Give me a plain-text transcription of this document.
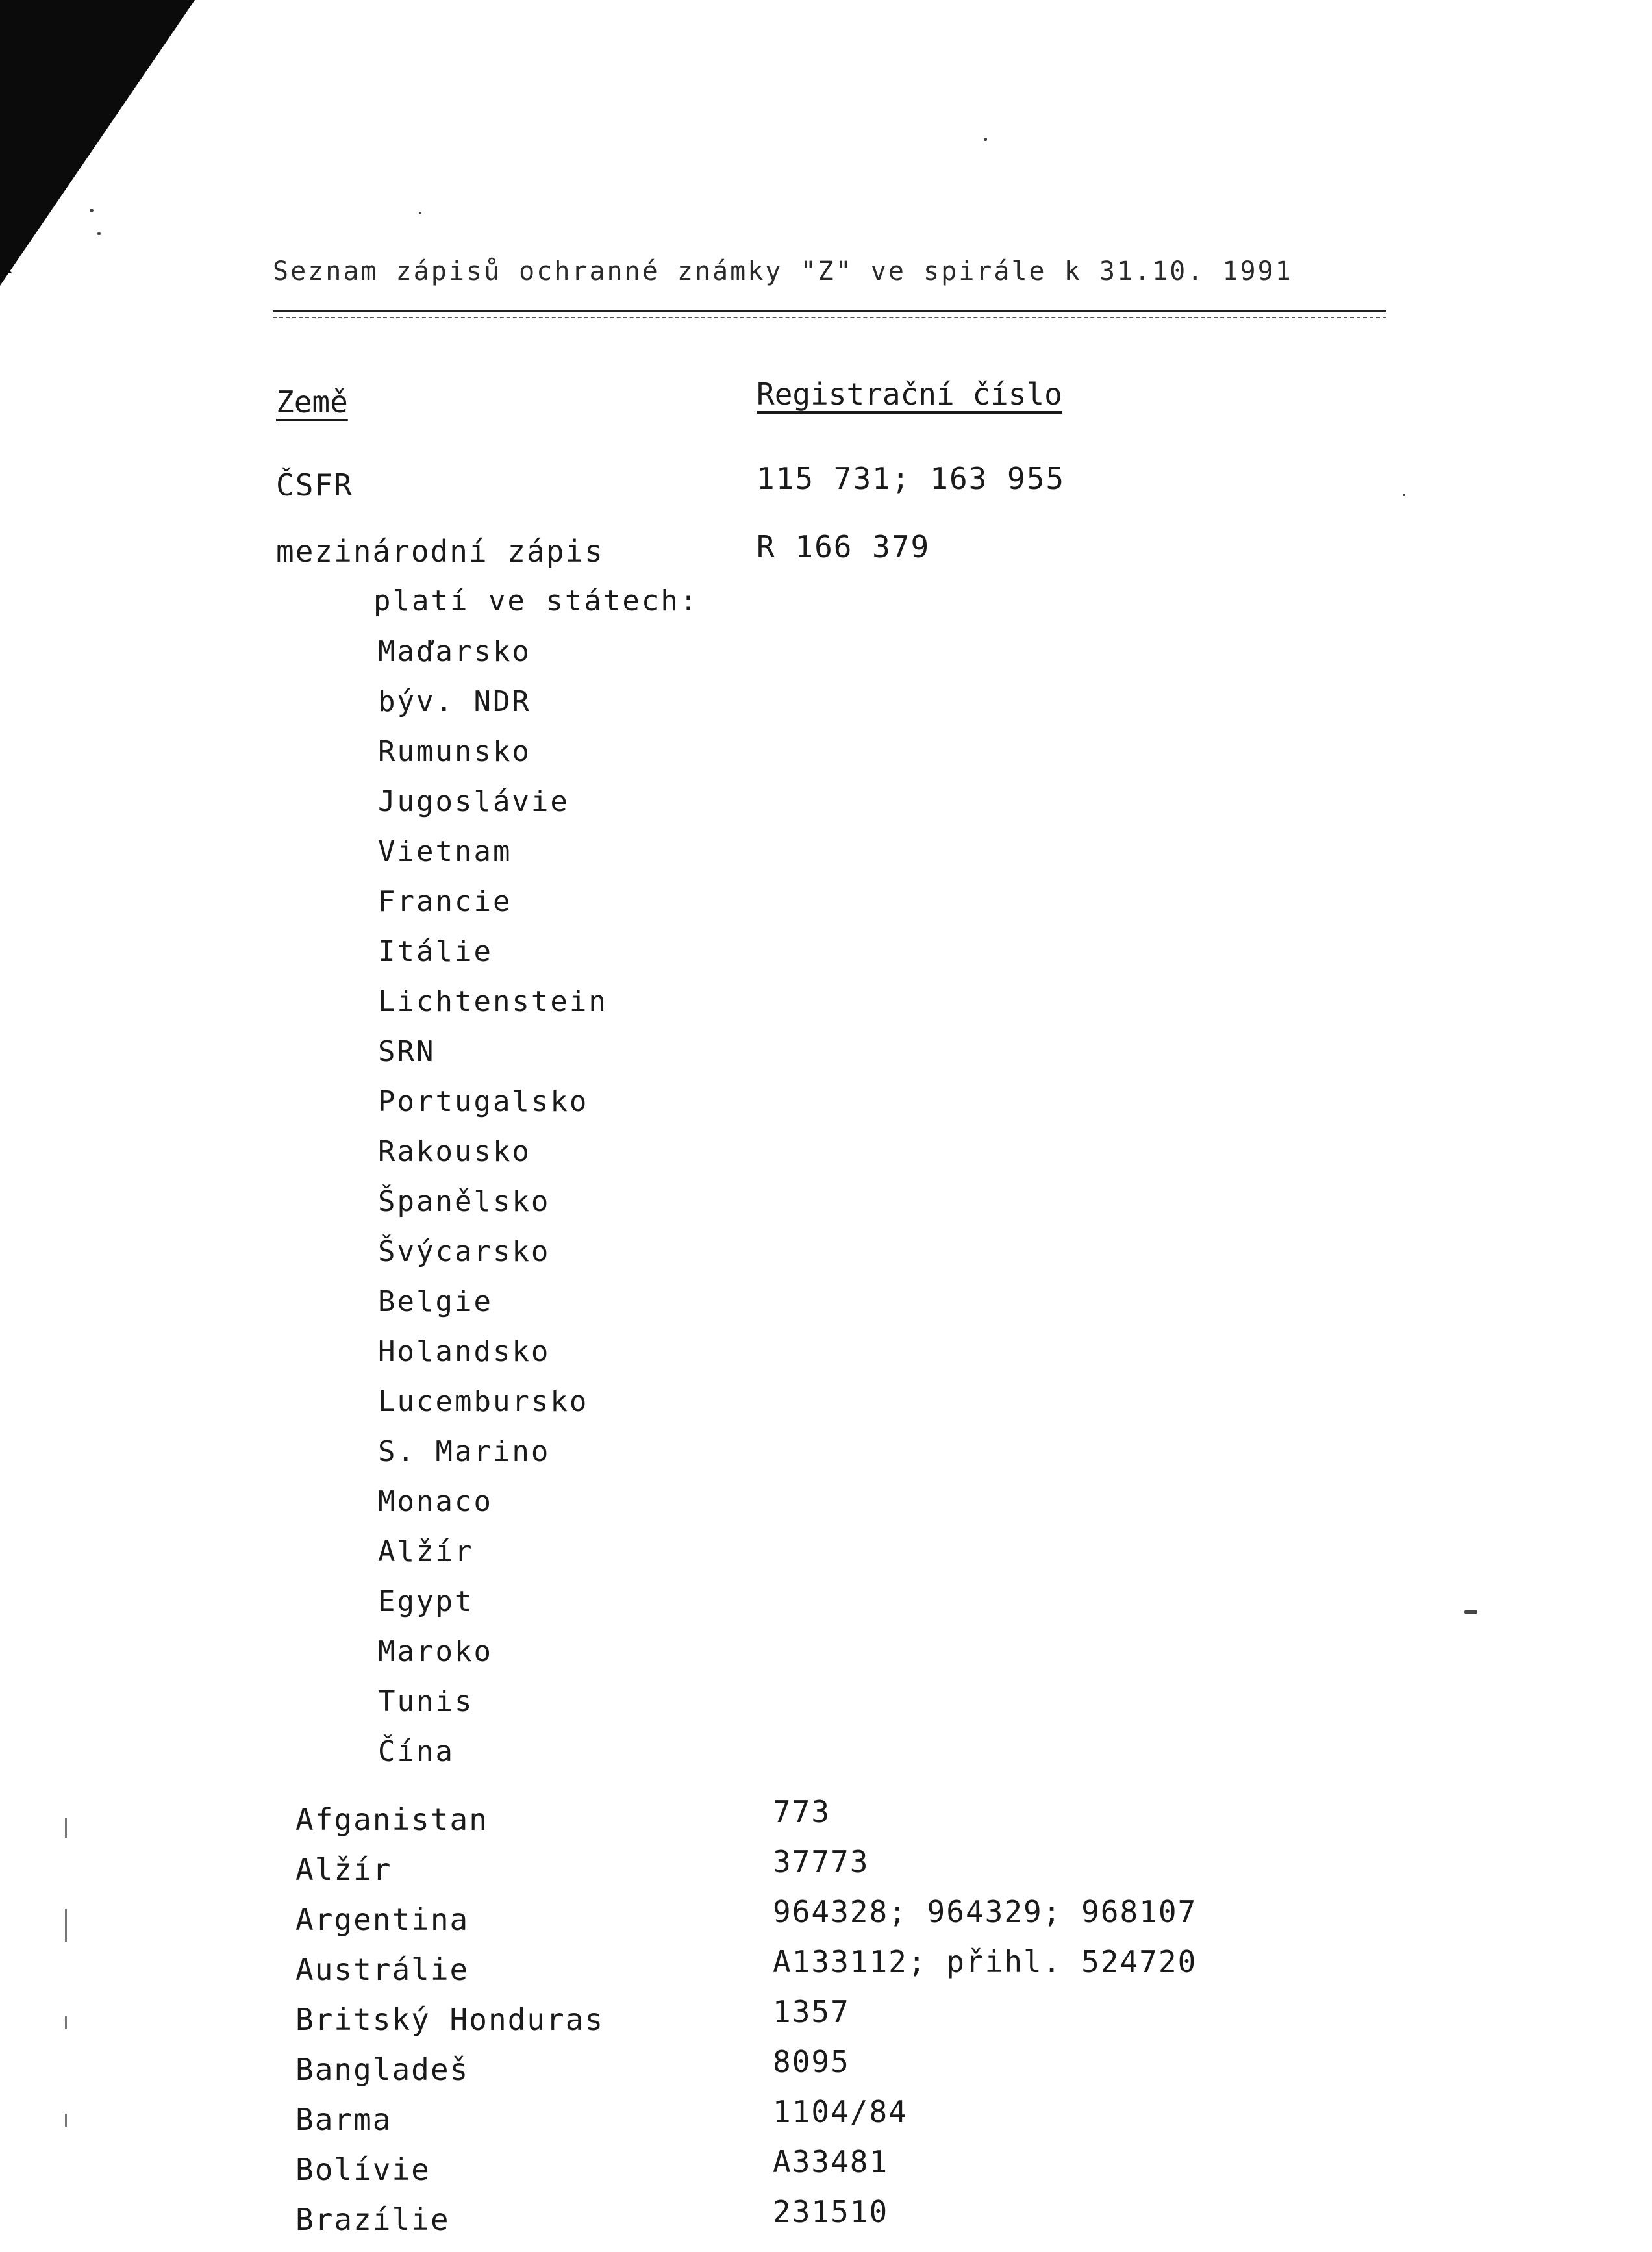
Seznam zápisů ochranné známky "Z" ve spirále k 31.10. 1991
Země	Registrační číslo
ČSFR	115 731; 163 955
mezinárodní zápis	R 166 379
platí ve státech:
Maďarsko
býv. NDR
Rumunsko
Jugoslávie
Vietnam
Francie
Itálie
Lichtenstein
SRN
Portugalsko
Rakousko
Španělsko
Švýcarsko
Belgie
Holandsko
Lucembursko
S. Marino
Monaco
Alžír
Egypt
Maroko
Tunis
Čína
Afganistan	773
Alžír	37773
Argentina	964328; 964329; 968107
Austrálie	A133112; přihl. 524720
Britský Honduras	1357
Bangladeš	8095
Barma	1104/84
Bolívie	A33481
Brazílie	231510
